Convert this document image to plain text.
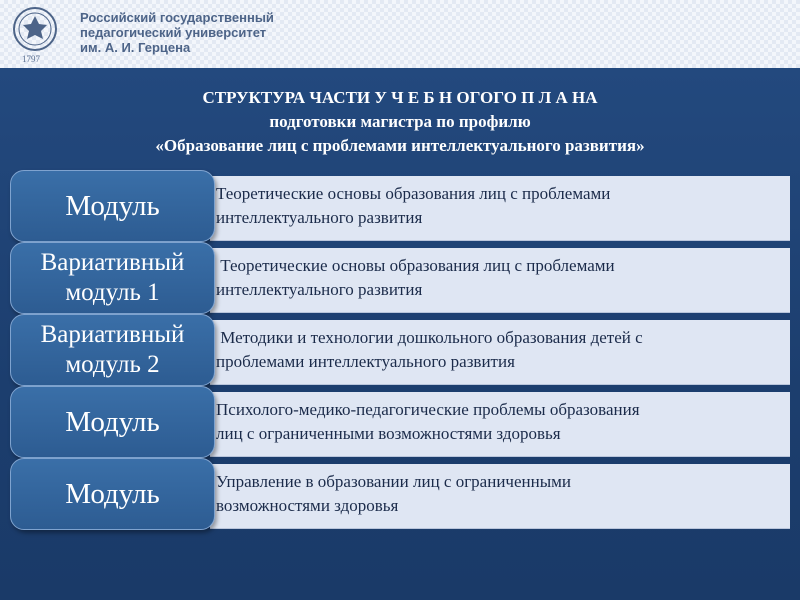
1797
Российский государственный
педагогический университет
им. А. И. Герцена
СТРУКТУРА ЧАСТИ У Ч Е Б Н ОГОГО П Л А НА
подготовки магистра по профилю
«Образование лиц с проблемами интеллектуального развития»
Теоретические основы образования лиц с проблемами
интеллектуального развития
Модуль
Теоретические основы образования лиц с проблемами
интеллектуального развития
Вариативный
модуль 1
Методики и технологии дошкольного образования детей с
проблемами интеллектуального развития
Вариативный
модуль 2
Психолого-медико-педагогические проблемы образования
лиц с ограниченными возможностями здоровья
Модуль
Управление в образовании лиц с ограниченными
возможностями здоровья
Модуль
